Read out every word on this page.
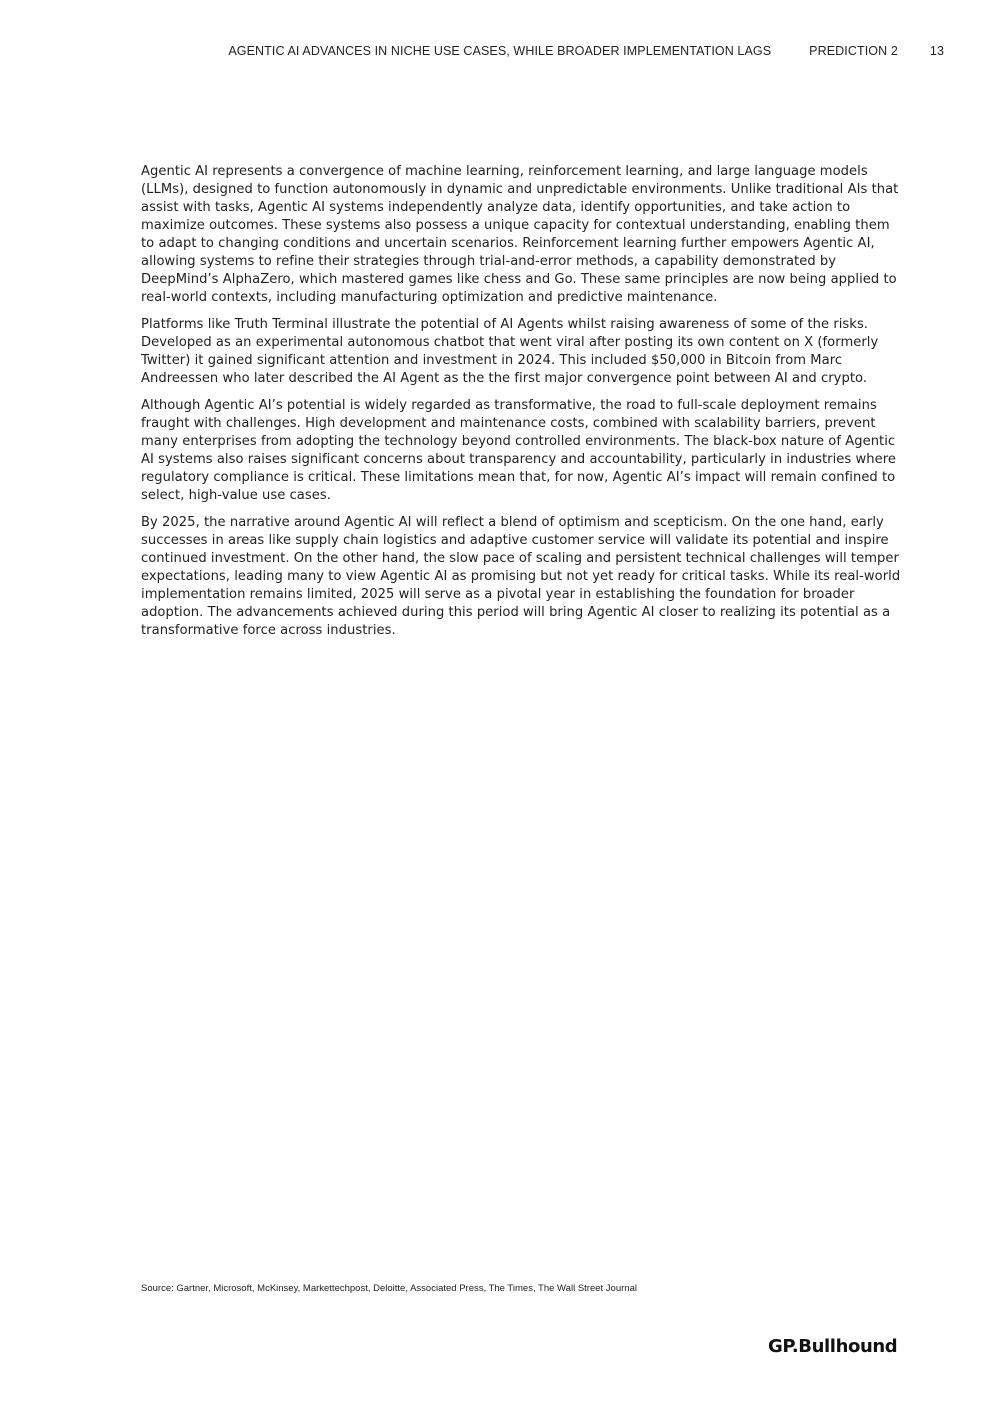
AGENTIC AI ADVANCES IN NICHE USE CASES, WHILE BROADER IMPLEMENTATION LAGS	PREDICTION 2	13

Agentic AI represents a convergence of machine learning, reinforcement learning, and large language models (LLMs), designed to function autonomously in dynamic and unpredictable environments. Unlike traditional AIs that assist with tasks, Agentic AI systems independently analyze data, identify opportunities, and take action to maximize outcomes. These systems also possess a unique capacity for contextual understanding, enabling them to adapt to changing conditions and uncertain scenarios. Reinforcement learning further empowers Agentic AI, allowing systems to refine their strategies through trial-and-error methods, a capability demonstrated by DeepMind’s AlphaZero, which mastered games like chess and Go. These same principles are now being applied to real-world contexts, including manufacturing optimization and predictive maintenance.

Platforms like Truth Terminal illustrate the potential of AI Agents whilst raising awareness of some of the risks. Developed as an experimental autonomous chatbot that went viral after posting its own content on X (formerly Twitter) it gained significant attention and investment in 2024. This included $50,000 in Bitcoin from Marc Andreessen who later described the AI Agent as the the first major convergence point between AI and crypto.

Although Agentic AI’s potential is widely regarded as transformative, the road to full-scale deployment remains fraught with challenges. High development and maintenance costs, combined with scalability barriers, prevent many enterprises from adopting the technology beyond controlled environments. The black-box nature of Agentic AI systems also raises significant concerns about transparency and accountability, particularly in industries where regulatory compliance is critical. These limitations mean that, for now, Agentic AI’s impact will remain confined to select, high-value use cases.

By 2025, the narrative around Agentic AI will reflect a blend of optimism and scepticism. On the one hand, early successes in areas like supply chain logistics and adaptive customer service will validate its potential and inspire continued investment. On the other hand, the slow pace of scaling and persistent technical challenges will temper expectations, leading many to view Agentic AI as promising but not yet ready for critical tasks. While its real-world implementation remains limited, 2025 will serve as a pivotal year in establishing the foundation for broader adoption. The advancements achieved during this period will bring Agentic AI closer to realizing its potential as a transformative force across industries.

Source: Gartner, Microsoft, McKinsey, Markettechpost, Deloitte, Associated Press, The Times, The Wall Street Journal
GP.Bullhound
